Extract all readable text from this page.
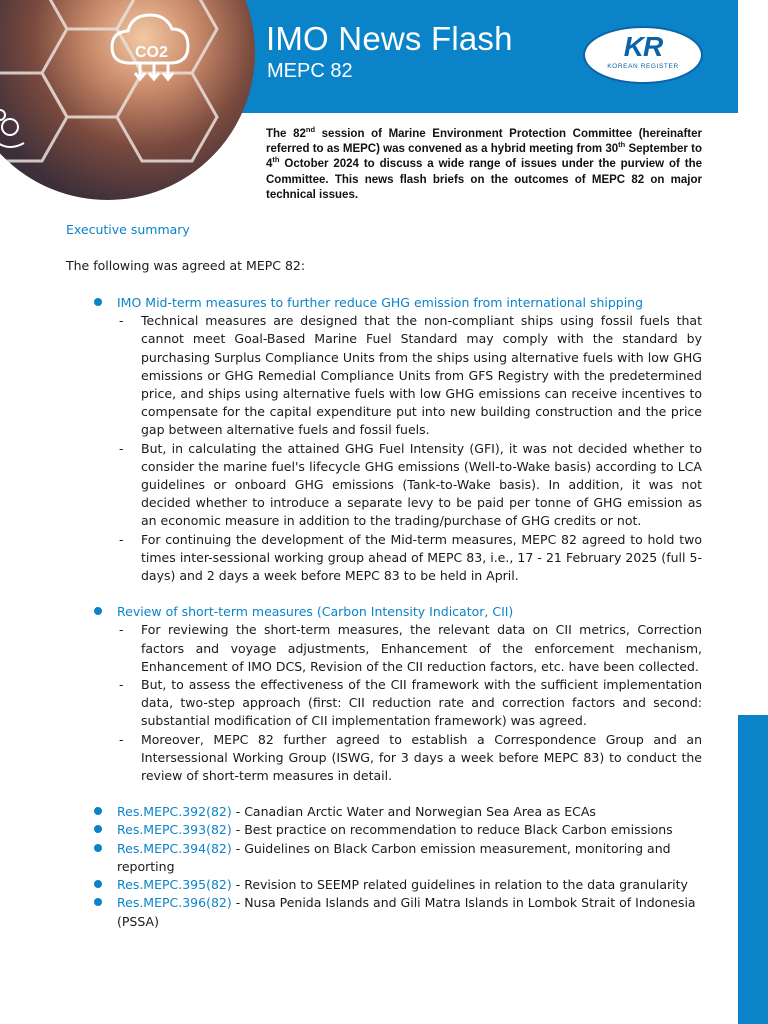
CO2	IMO News Flash
MEPC 82
KR
KOREAN REGISTER
The 82nd session of Marine Environment Protection Committee (hereinafter referred to as MEPC) was convened as a hybrid meeting from 30th September to 4th October 2024 to discuss a wide range of issues under the purview of the Committee. This news flash briefs on the outcomes of MEPC 82 on major technical issues.
Executive summary
The following was agreed at MEPC 82:
IMO Mid-term measures to further reduce GHG emission from international shipping
- Technical measures are designed that the non-compliant ships using fossil fuels that cannot meet Goal-Based Marine Fuel Standard may comply with the standard by purchasing Surplus Compliance Units from the ships using alternative fuels with low GHG emissions or GHG Remedial Compliance Units from GFS Registry with the predetermined price, and ships using alternative fuels with low GHG emissions can receive incentives to compensate for the capital expenditure put into new building construction and the price gap between alternative fuels and fossil fuels.
- But, in calculating the attained GHG Fuel Intensity (GFI), it was not decided whether to consider the marine fuel's lifecycle GHG emissions (Well-to-Wake basis) according to LCA guidelines or onboard GHG emissions (Tank-to-Wake basis). In addition, it was not decided whether to introduce a separate levy to be paid per tonne of GHG emission as an economic measure in addition to the trading/purchase of GHG credits or not.
- For continuing the development of the Mid-term measures, MEPC 82 agreed to hold two times inter-sessional working group ahead of MEPC 83, i.e., 17 - 21 February 2025 (full 5-days) and 2 days a week before MEPC 83 to be held in April.
Review of short-term measures (Carbon Intensity Indicator, CII)
- For reviewing the short-term measures, the relevant data on CII metrics, Correction factors and voyage adjustments, Enhancement of the enforcement mechanism, Enhancement of IMO DCS, Revision of the CII reduction factors, etc. have been collected.
- But, to assess the effectiveness of the CII framework with the sufficient implementation data, two-step approach (first: CII reduction rate and correction factors and second: substantial modification of CII implementation framework) was agreed.
- Moreover, MEPC 82 further agreed to establish a Correspondence Group and an Intersessional Working Group (ISWG, for 3 days a week before MEPC 83) to conduct the review of short-term measures in detail.
Res.MEPC.392(82) - Canadian Arctic Water and Norwegian Sea Area as ECAs
Res.MEPC.393(82) - Best practice on recommendation to reduce Black Carbon emissions
Res.MEPC.394(82) - Guidelines on Black Carbon emission measurement, monitoring and reporting
Res.MEPC.395(82) - Revision to SEEMP related guidelines in relation to the data granularity
Res.MEPC.396(82) - Nusa Penida Islands and Gili Matra Islands in Lombok Strait of Indonesia (PSSA)
